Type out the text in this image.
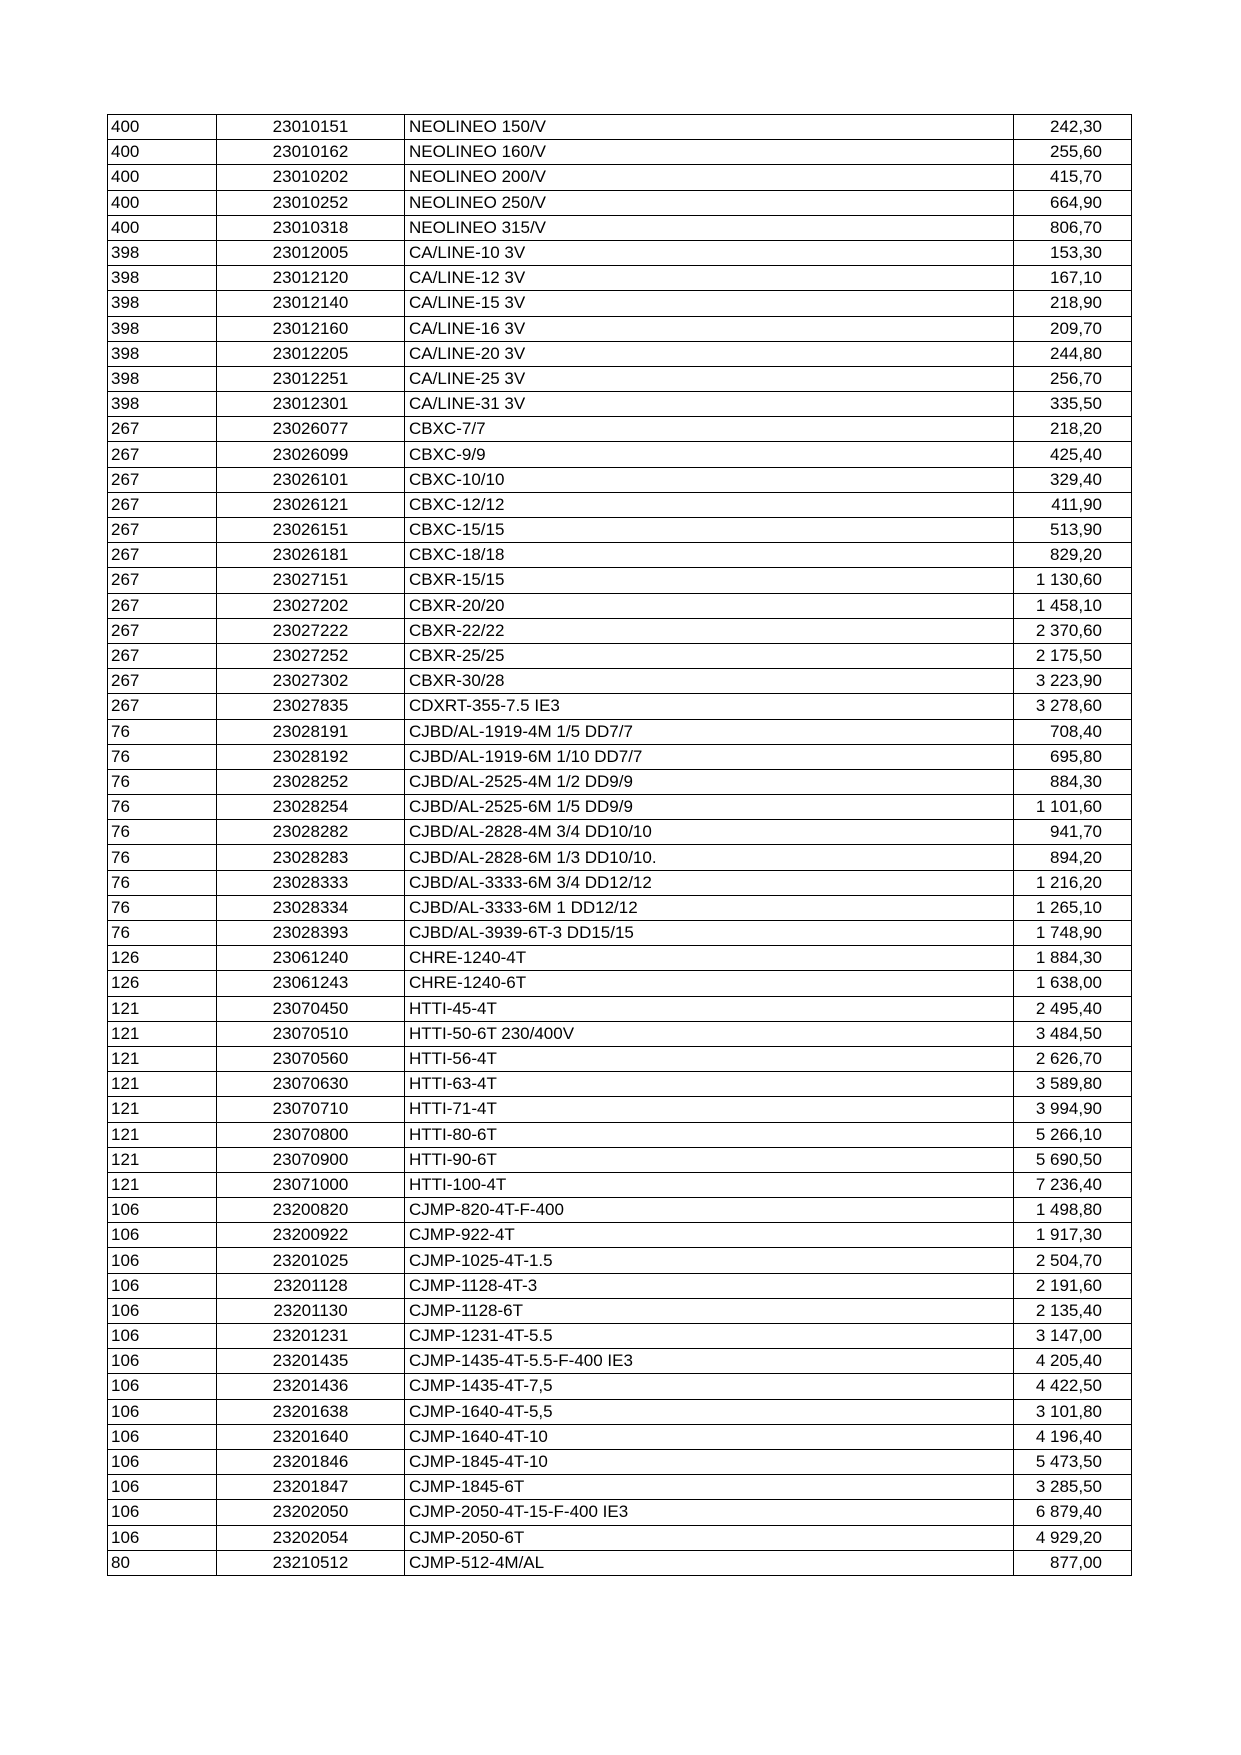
400	23010151	NEOLINEO 150/V	242,30
400	23010162	NEOLINEO 160/V	255,60
400	23010202	NEOLINEO 200/V	415,70
400	23010252	NEOLINEO 250/V	664,90
400	23010318	NEOLINEO 315/V	806,70
398	23012005	CA/LINE-10 3V	153,30
398	23012120	CA/LINE-12 3V	167,10
398	23012140	CA/LINE-15 3V	218,90
398	23012160	CA/LINE-16 3V	209,70
398	23012205	CA/LINE-20 3V	244,80
398	23012251	CA/LINE-25 3V	256,70
398	23012301	CA/LINE-31 3V	335,50
267	23026077	CBXC-7/7	218,20
267	23026099	CBXC-9/9	425,40
267	23026101	CBXC-10/10	329,40
267	23026121	CBXC-12/12	411,90
267	23026151	CBXC-15/15	513,90
267	23026181	CBXC-18/18	829,20
267	23027151	CBXR-15/15	1 130,60
267	23027202	CBXR-20/20	1 458,10
267	23027222	CBXR-22/22	2 370,60
267	23027252	CBXR-25/25	2 175,50
267	23027302	CBXR-30/28	3 223,90
267	23027835	CDXRT-355-7.5 IE3	3 278,60
76	23028191	CJBD/AL-1919-4M 1/5 DD7/7	708,40
76	23028192	CJBD/AL-1919-6M 1/10 DD7/7	695,80
76	23028252	CJBD/AL-2525-4M 1/2 DD9/9	884,30
76	23028254	CJBD/AL-2525-6M 1/5 DD9/9	1 101,60
76	23028282	CJBD/AL-2828-4M 3/4 DD10/10	941,70
76	23028283	CJBD/AL-2828-6M 1/3 DD10/10.	894,20
76	23028333	CJBD/AL-3333-6M 3/4 DD12/12	1 216,20
76	23028334	CJBD/AL-3333-6M 1 DD12/12	1 265,10
76	23028393	CJBD/AL-3939-6T-3 DD15/15	1 748,90
126	23061240	CHRE-1240-4T	1 884,30
126	23061243	CHRE-1240-6T	1 638,00
121	23070450	HTTI-45-4T	2 495,40
121	23070510	HTTI-50-6T 230/400V	3 484,50
121	23070560	HTTI-56-4T	2 626,70
121	23070630	HTTI-63-4T	3 589,80
121	23070710	HTTI-71-4T	3 994,90
121	23070800	HTTI-80-6T	5 266,10
121	23070900	HTTI-90-6T	5 690,50
121	23071000	HTTI-100-4T	7 236,40
106	23200820	CJMP-820-4T-F-400	1 498,80
106	23200922	CJMP-922-4T	1 917,30
106	23201025	CJMP-1025-4T-1.5	2 504,70
106	23201128	CJMP-1128-4T-3	2 191,60
106	23201130	CJMP-1128-6T	2 135,40
106	23201231	CJMP-1231-4T-5.5	3 147,00
106	23201435	CJMP-1435-4T-5.5-F-400 IE3	4 205,40
106	23201436	CJMP-1435-4T-7,5	4 422,50
106	23201638	CJMP-1640-4T-5,5	3 101,80
106	23201640	CJMP-1640-4T-10	4 196,40
106	23201846	CJMP-1845-4T-10	5 473,50
106	23201847	CJMP-1845-6T	3 285,50
106	23202050	CJMP-2050-4T-15-F-400 IE3	6 879,40
106	23202054	CJMP-2050-6T	4 929,20
80	23210512	CJMP-512-4M/AL	877,00
